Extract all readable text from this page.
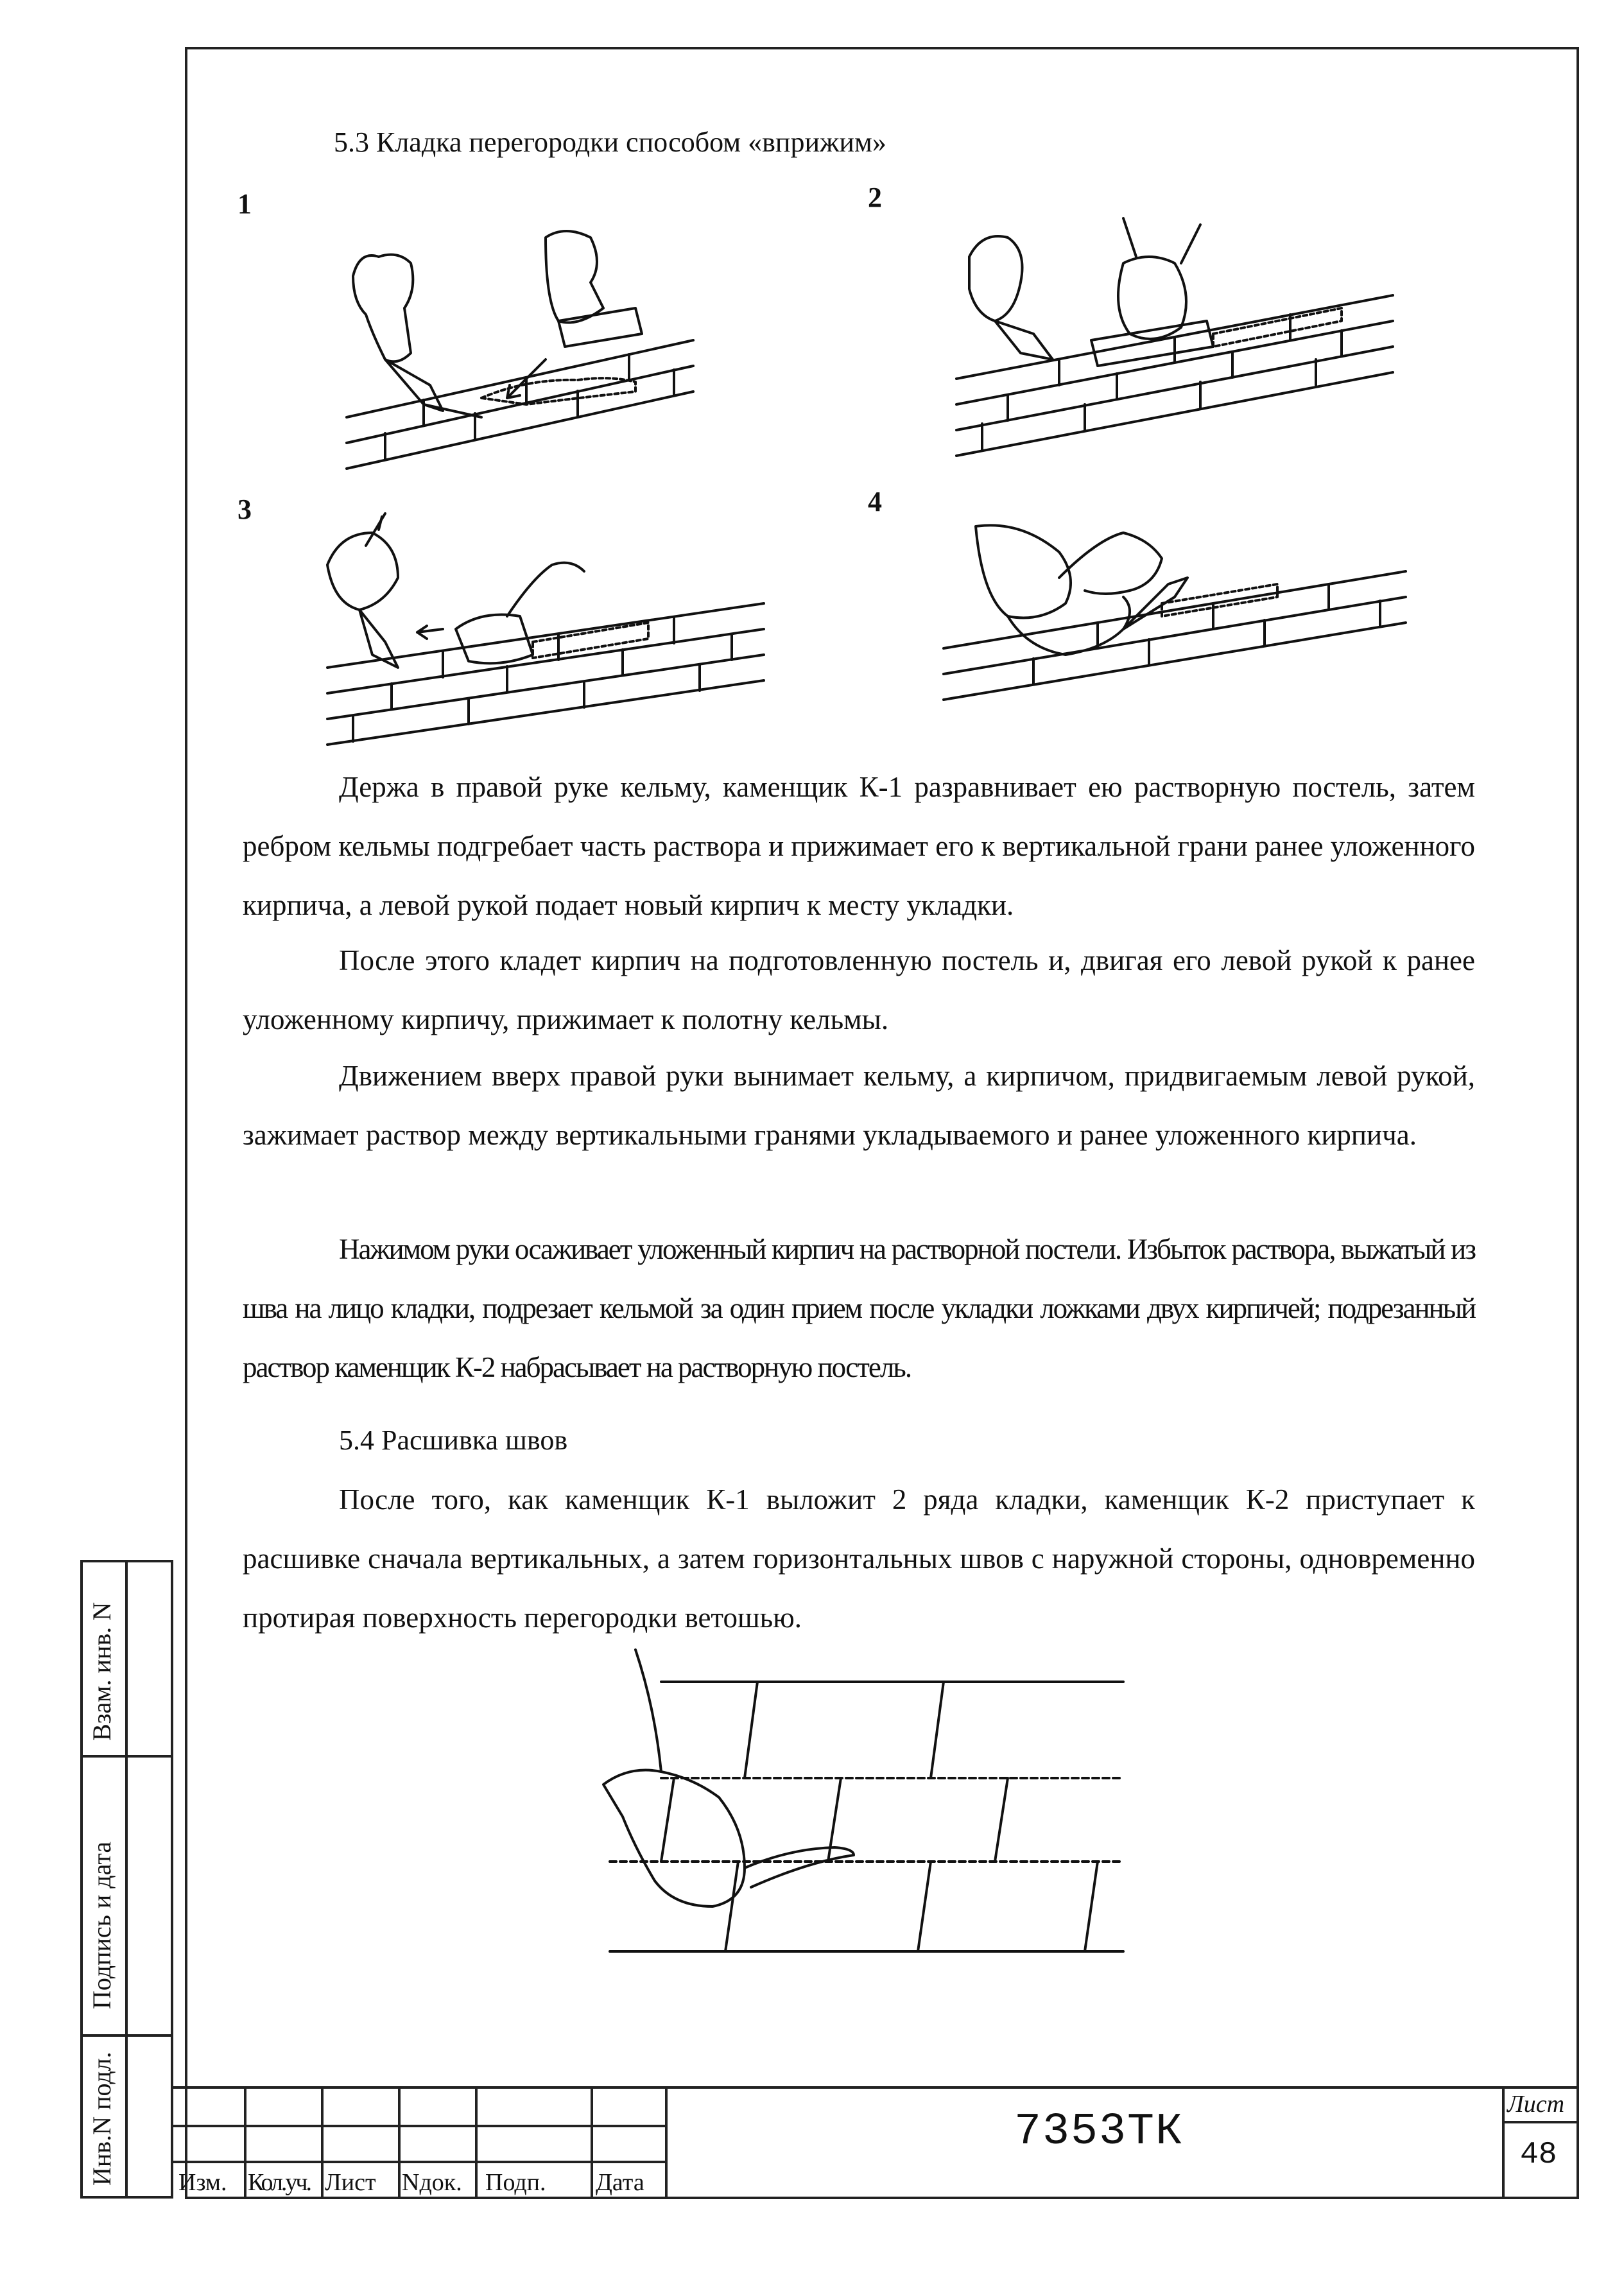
5.3 Кладка перегородки способом «вприжим»
1	2
3	4

Держа в правой руке кельму, каменщик К-1 разравнивает ею растворную постель, затем ребром кельмы подгребает часть раствора и прижимает его к вертикальной грани ранее уложенного кирпича, а левой рукой подает новый кирпич к месту укладки.

После этого кладет кирпич на подготовленную постель и, двигая его левой рукой к ранее уложенному кирпичу, прижимает к полотну кельмы.

Движением вверх правой руки вынимает кельму, а кирпичом, придвигаемым левой рукой, зажимает раствор между вертикальными гранями укладываемого и ранее уложенного кирпича.

Нажимом руки осаживает уложенный кирпич на растворной постели. Избыток раствора, выжатый из шва на лицо кладки, подрезает кельмой за один прием после укладки ложками двух кирпичей; подрезанный раствор каменщик К-2 набрасывает на растворную постель.

5.4 Расшивка швов

После того, как каменщик К-1 выложит 2 ряда кладки, каменщик К-2 приступает к расшивке сначала вертикальных, а затем горизонтальных швов с наружной стороны, одновременно протирая поверхность перегородки ветошью.

Взам. инв. N
Подпись и дата
Инв.N подл.	Изм. Кол.уч. Лист Nдок. Подп. Дата
7353ТК
Лист
48
